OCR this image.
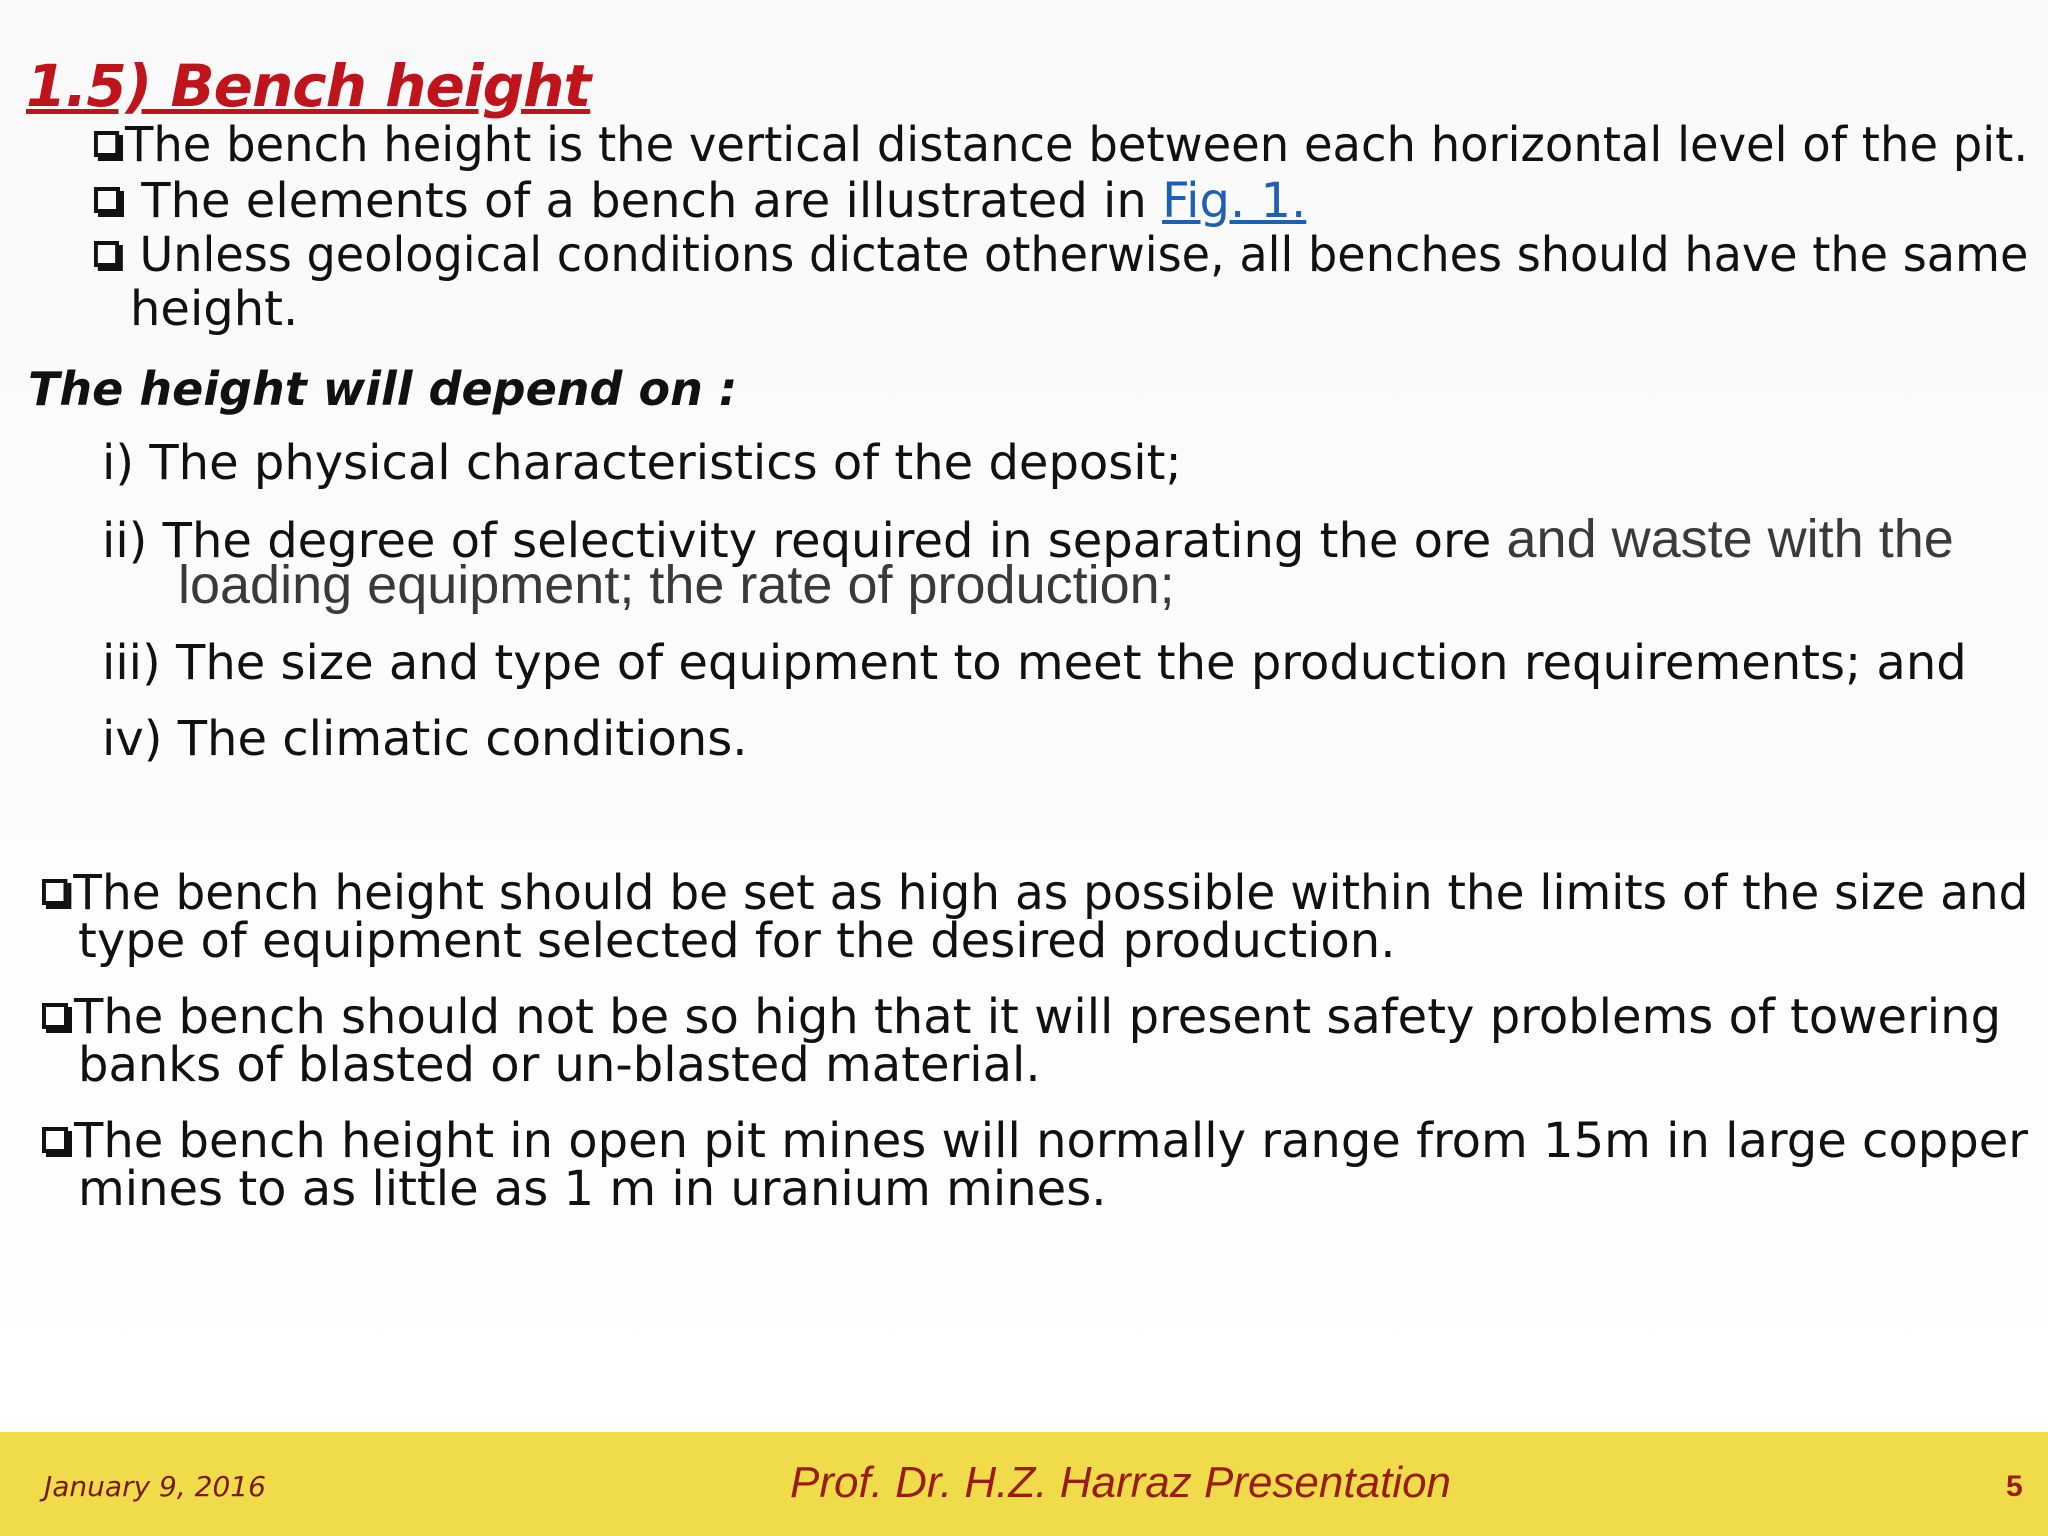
1.5) Bench height
The bench height is the vertical distance between each horizontal level of the pit.
The elements of a bench are illustrated in Fig. 1.
Unless geological conditions dictate otherwise, all benches should have the same
height.
The height will depend on :
i) The physical characteristics of the deposit;
ii) The degree of selectivity required in separating the ore and waste with the
loading equipment; the rate of production;
iii) The size and type of equipment to meet the production requirements; and
iv) The climatic conditions.
The bench height should be set as high as possible within the limits of the size and
type of equipment selected for the desired production.
The bench should not be so high that it will present safety problems of towering
banks of blasted or un-blasted material.
The bench height in open pit mines will normally range from 15m in large copper
mines to as little as 1 m in uranium mines.
January 9, 2016	Prof. Dr. H.Z. Harraz Presentation	5
